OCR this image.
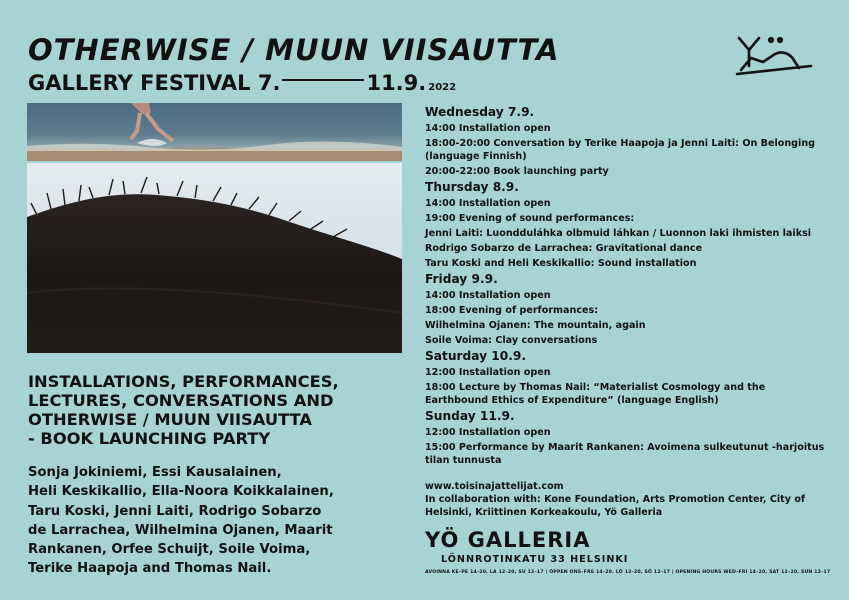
OTHERWISE / MUUN VIISAUTTA
GALLERY FESTIVAL 7.	11.9. 2022
INSTALLATIONS, PERFORMANCES,
LECTURES, CONVERSATIONS AND
OTHERWISE / MUUN VIISAUTTA
- BOOK LAUNCHING PARTY
Sonja Jokiniemi, Essi Kausalainen,
Heli Keskikallio, Ella-Noora Koikkalainen,
Taru Koski, Jenni Laiti, Rodrigo Sobarzo
de Larrachea, Wilhelmina Ojanen, Maarit
Rankanen, Orfee Schuijt, Soile Voima,
Terike Haapoja and Thomas Nail.
Wednesday 7.9.
14:00 Installation open
18:00-20:00 Conversation by Terike Haapoja ja Jenni Laiti: On Belonging (language Finnish)
20:00-22:00 Book launching party
Thursday 8.9.
14:00 Installation open
19:00 Evening of sound performances:
Jenni Laiti: Luondduláhka olbmuid láhkan / Luonnon laki ihmisten laiksi
Rodrigo Sobarzo de Larrachea: Gravitational dance
Taru Koski and Heli Keskikallio: Sound installation
Friday 9.9.
14:00 Installation open
18:00 Evening of performances:
Wilhelmina Ojanen: The mountain, again
Soile Voima: Clay conversations
Saturday 10.9.
12:00 Installation open
18:00 Lecture by Thomas Nail: “Materialist Cosmology and the Earthbound Ethics of Expenditure” (language English)
Sunday 11.9.
12:00 Installation open
15:00 Performance by Maarit Rankanen: Avoimena sulkeutunut -harjoitus tilan tunnusta
www.toisinajattelijat.com
In collaboration with: Kone Foundation, Arts Promotion Center, City of Helsinki, Kriittinen Korkeakoulu, Yö Galleria
YÖ GALLERIA
LÖNNROTINKATU 33 HELSINKI
AVOINNA KE–PE 14–20, LA 12–20, SU 12–17 | ÖPPEN ONS–FRE 14–20, LÖ 12–20, SÖ 12–17 | OPENING HOURS WED–FRI 14–20, SAT 12–20, SUN 12–17
